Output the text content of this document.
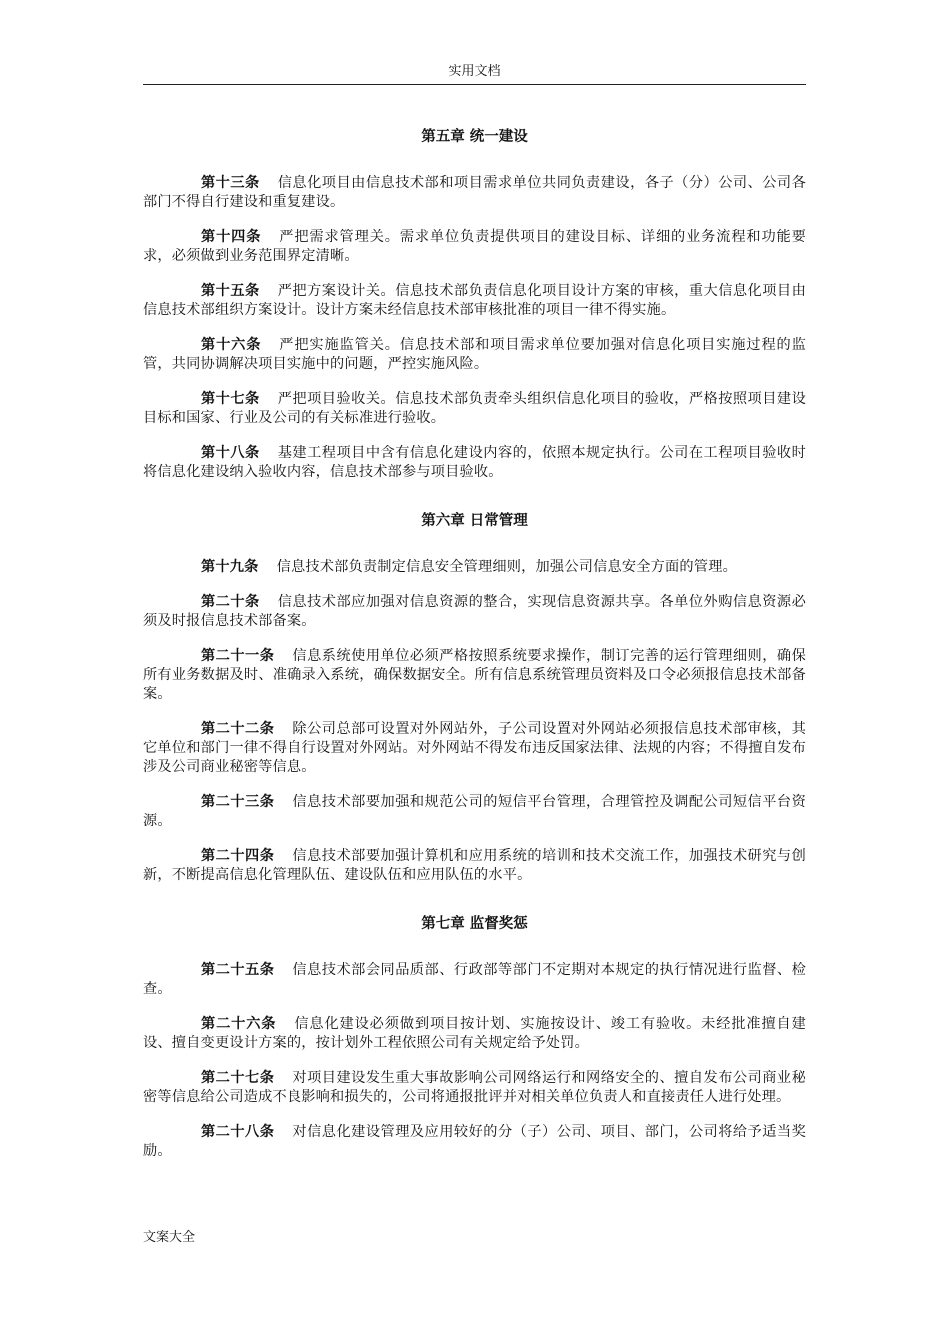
实用文档
第五章 统一建设

第十三条 信息化项目由信息技术部和项目需求单位共同负责建设，各子（分）公司、公司各部门不得自行建设和重复建设。

第十四条 严把需求管理关。需求单位负责提供项目的建设目标、详细的业务流程和功能要求，必须做到业务范围界定清晰。

第十五条 严把方案设计关。信息技术部负责信息化项目设计方案的审核，重大信息化项目由信息技术部组织方案设计。设计方案未经信息技术部审核批准的项目一律不得实施。

第十六条 严把实施监管关。信息技术部和项目需求单位要加强对信息化项目实施过程的监管，共同协调解决项目实施中的问题，严控实施风险。

第十七条 严把项目验收关。信息技术部负责牵头组织信息化项目的验收，严格按照项目建设目标和国家、行业及公司的有关标准进行验收。

第十八条 基建工程项目中含有信息化建设内容的，依照本规定执行。公司在工程项目验收时将信息化建设纳入验收内容，信息技术部参与项目验收。

第六章 日常管理

第十九条 信息技术部负责制定信息安全管理细则，加强公司信息安全方面的管理。

第二十条 信息技术部应加强对信息资源的整合，实现信息资源共享。各单位外购信息资源必须及时报信息技术部备案。

第二十一条 信息系统使用单位必须严格按照系统要求操作，制订完善的运行管理细则，确保所有业务数据及时、准确录入系统，确保数据安全。所有信息系统管理员资料及口令必须报信息技术部备案。

第二十二条 除公司总部可设置对外网站外，子公司设置对外网站必须报信息技术部审核，其它单位和部门一律不得自行设置对外网站。对外网站不得发布违反国家法律、法规的内容；不得擅自发布涉及公司商业秘密等信息。

第二十三条 信息技术部要加强和规范公司的短信平台管理，合理管控及调配公司短信平台资源。

第二十四条 信息技术部要加强计算机和应用系统的培训和技术交流工作，加强技术研究与创新，不断提高信息化管理队伍、建设队伍和应用队伍的水平。

第七章 监督奖惩

第二十五条 信息技术部会同品质部、行政部等部门不定期对本规定的执行情况进行监督、检查。

第二十六条 信息化建设必须做到项目按计划、实施按设计、竣工有验收。未经批准擅自建设、擅自变更设计方案的，按计划外工程依照公司有关规定给予处罚。

第二十七条 对项目建设发生重大事故影响公司网络运行和网络安全的、擅自发布公司商业秘密等信息给公司造成不良影响和损失的，公司将通报批评并对相关单位负责人和直接责任人进行处理。

第二十八条 对信息化建设管理及应用较好的分（子）公司、项目、部门，公司将给予适当奖励。

文案大全
